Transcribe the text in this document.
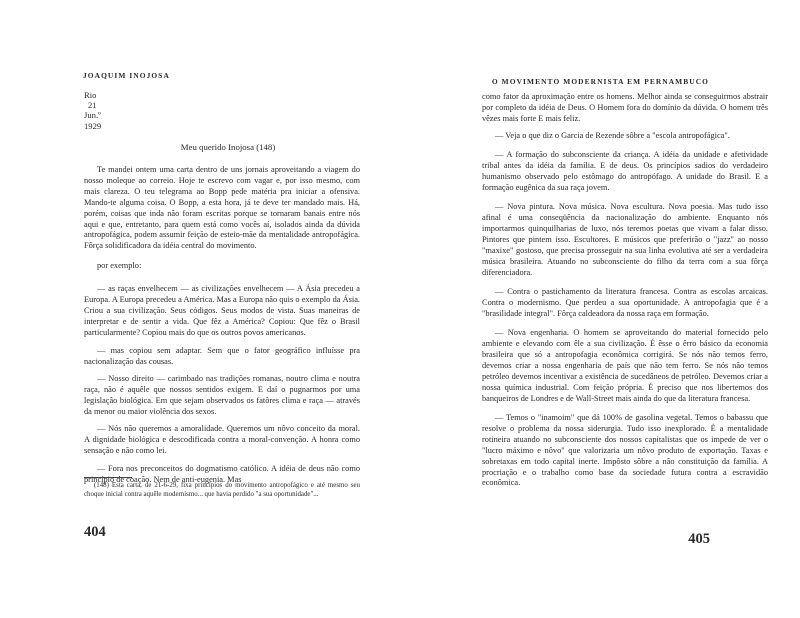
JOAQUIM INOJOSA
Rio
21
Jun.º
1929
Meu querido Inojosa (148)

Te mandei ontem uma carta dentro de uns jornais aproveitando a viagem do nosso moleque ao correio. Hoje te escrevo com vagar e, por isso mesmo, com mais clareza. O teu telegrama ao Bopp pede matéria pra iniciar a ofensiva. Mando-te alguma coisa. O Bopp, a esta hora, já te deve ter mandado mais. Há, porém, coisas que inda não foram escritas porque se tornaram banais entre nós aqui e que, entretanto, para quem está como vocês aí, isolados ainda da dúvida antropofágica, podem assumir feição de esteio-mãe da mentalidade antropofágica. Fôrça solidificadora da idéia central do movimento.

por exemplo:

— as raças envelhecem — as civilizações envelhecem — A Ásia precedeu a Europa. A Europa precedeu a América. Mas a Europa não quis o exemplo da Ásia. Criou a sua civilização. Seus códigos. Seus modos de vista. Suas maneiras de interpretar e de sentir a vida. Que fêz a América? Copiou: Que fêz o Brasil particularmente? Copiou mais do que os outros povos americanos.

— mas copiou sem adaptar. Sem que o fator geográfico influísse pra nacionalização das cousas.

— Nosso direito — carimbado nas tradições romanas, noutro clima e noutra raça, não é aquêle que nossos sentidos exigem. E daí o pugnarmos por uma legislação biológica. Em que sejam observados os fatôres clima e raça — através da menor ou maior violência dos sexos.

— Nós não queremos a amoralidade. Queremos um nôvo conceito da moral. A dignidade biológica e descodificada contra a moral-convenção. A honra como sensação e não como lei.

— Fora nos preconceitos do dogmatismo católico. A idéia de deus não como princípio de coação. Nem de anti-eugenia. Mas

(148) Esta carta, de 21-6-29, fixa princípios do movimento antropofágico e até mesmo seu choque inicial contra aquêle modernismo... que havia perdido "a sua oportunidade"...
404
O MOVIMENTO MODERNISTA EM PERNAMBUCO

como fator da aproximação entre os homens. Melhor ainda se conseguirmos abstrair por completo da idéia de Deus. O Homem fora do domínio da dúvida. O homem três vêzes mais forte E mais feliz.

— Veja o que diz o Garcia de Rezende sôbre a "escola antropofágica".

— A formação do subconsciente da criança. A idéia da unidade e afetividade tribal antes da idéia da família. E de deus. Os princípios sadios do verdadeiro humanismo observado pelo estômago do antropófago. A unidade do Brasil. E a formação eugênica da sua raça jovem.

— Nova pintura. Nova música. Nova escultura. Nova poesia. Mas tudo isso afinal é uma conseqüência da nacionalização do ambiente. Enquanto nós importarmos quinquilharias de luxo, nós teremos poetas que vivam a falar disso. Pintores que pintem isso. Escultores. E músicos que preferirão o "jazz" ao nosso "maxixe" gostoso, que precisa prosseguir na sua linha evolutiva até ser a verdadeira música brasileira. Atuando no subconsciente do filho da terra com a sua fôrça diferenciadora.

— Contra o pastichamento da literatura francesa. Contra as escolas arcaicas. Contra o modernismo. Que perdeu a sua oportunidade. A antropofagia que é a "brasilidade integral". Fôrça caldeadora da nossa raça em formação.

— Nova engenharia. O homem se aproveitando do material fornecido pelo ambiente e elevando com êle a sua civilização. É êsse o êrro básico da economia brasileira que só a antropofagia econômica corrigirá. Se nós não temos ferro, devemos criar a nossa engenharia de país que não tem ferro. Se nós não temos petróleo devemos incentivar a existência de sucedâneos de petróleo. Devemos criar a nossa química industrial. Com feição própria. É preciso que nos libertemos dos banqueiros de Londres e de Wall-Street mais ainda do que da literatura francesa.

— Temos o "inamoim" que dá 100% de gasolina vegetal. Temos o babassu que resolve o problema da nossa siderurgia. Tudo isso inexplorado. É a mentalidade rotineira atuando no subconsciente dos nossos capitalistas que os impede de ver o "lucro máximo e nôvo" que valorizaria um nôvo produto de exportação. Taxas e sobretaxas em todo capital inerte. Impôsto sôbre a não constituição da família. A procriação e o trabalho como base da sociedade futura contra a escravidão econômica.

405
